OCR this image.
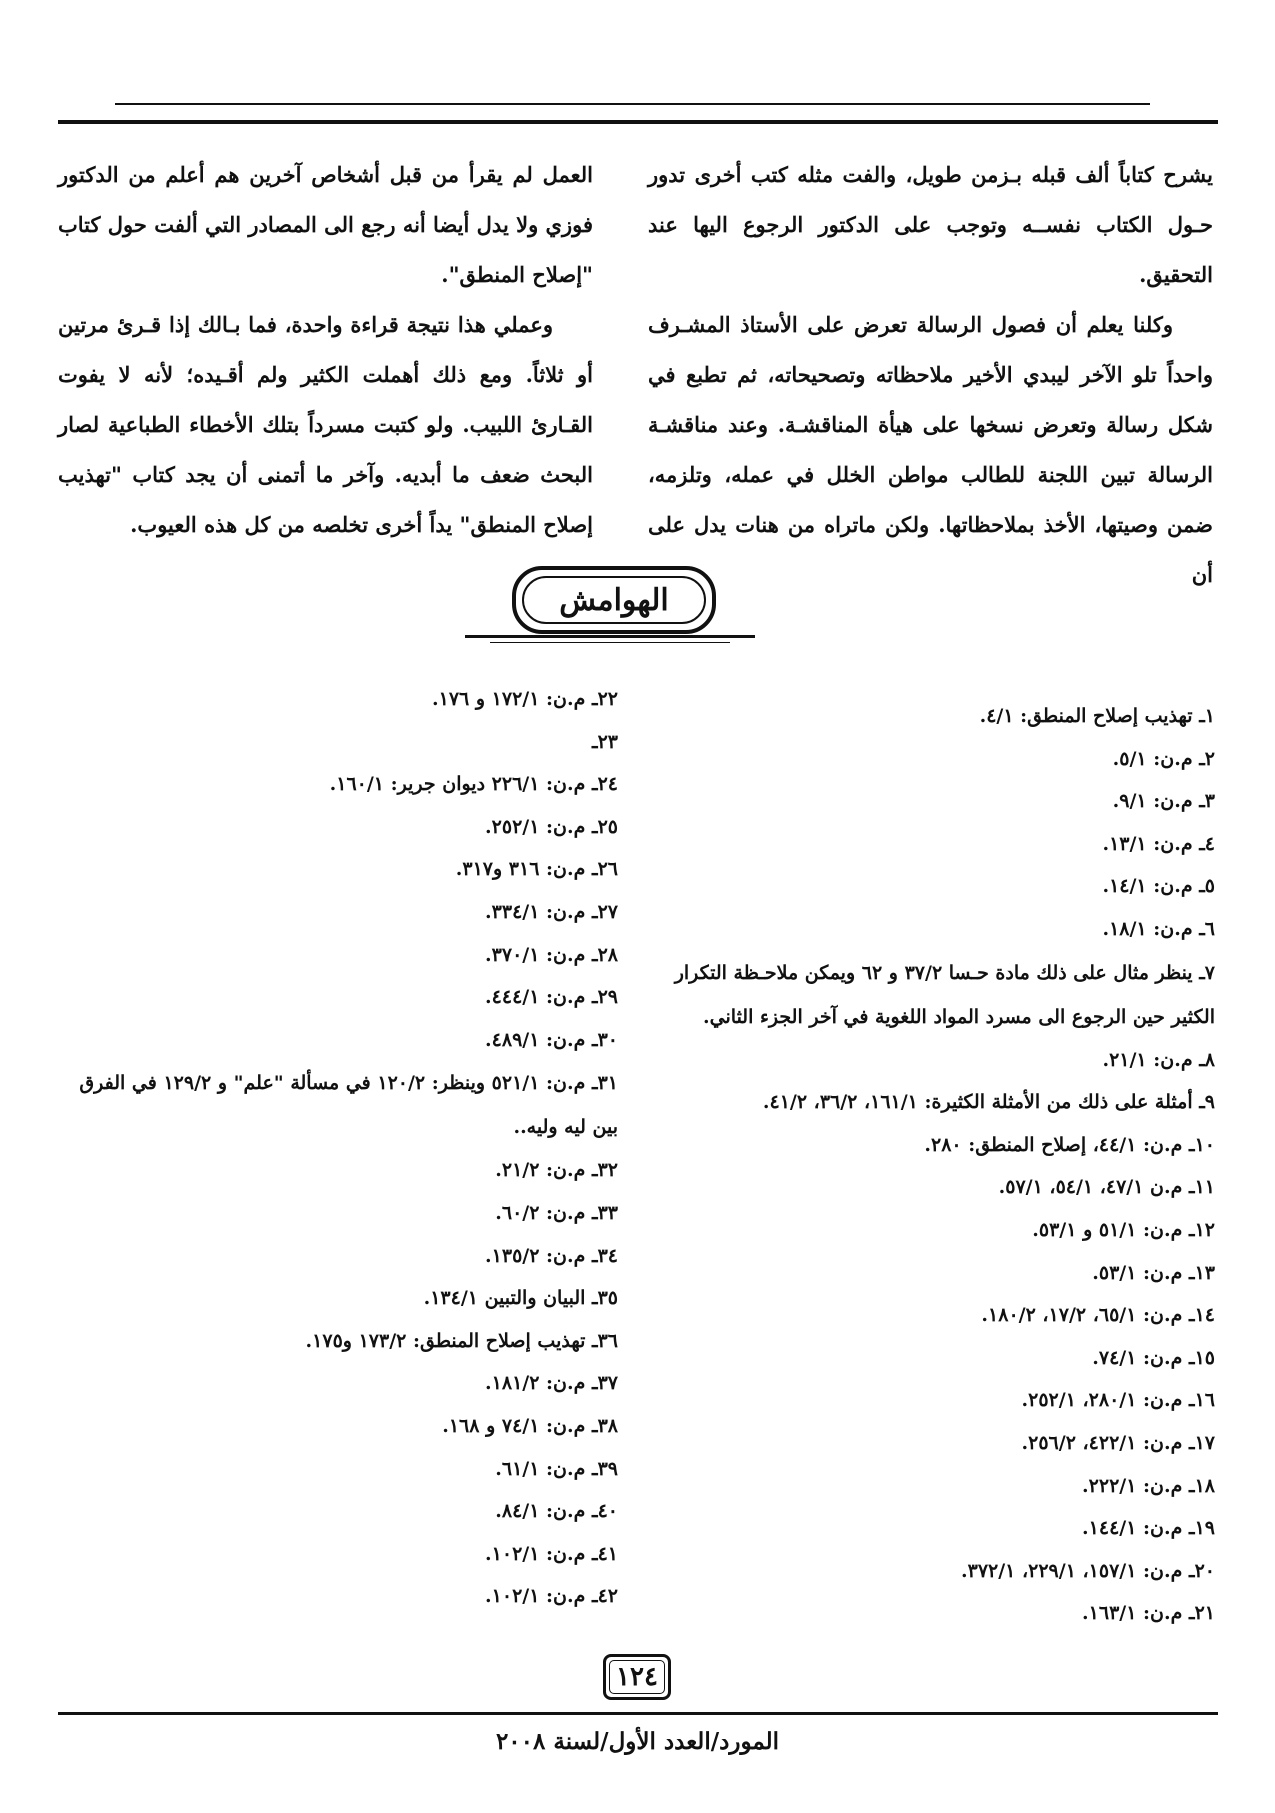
يشرح كتاباً ألف قبله بـزمن طويل، والفت مثله كتب أخرى تدور حـول الكتاب نفســه وتوجب على الدكتور الرجوع اليها عند التحقيق.

وكلنا يعلم أن فصول الرسالة تعرض على الأستاذ المشـرف واحداً تلو الآخر ليبدي الأخير ملاحظاته وتصحيحاته، ثم تطبع في شكل رسالة وتعرض نسخها على هيأة المناقشـة. وعند مناقشـة الرسالة تبين اللجنة للطالب مواطن الخلل في عمله، وتلزمه، ضمن وصيتها، الأخذ بملاحظاتها. ولكن ماتراه من هنات يدل على أن

العمل لم يقرأ من قبل أشخاص آخرين هم أعلم من الدكتور فوزي ولا يدل أيضا أنه رجع الى المصادر التي ألفت حول كتاب "إصلاح المنطق".

وعملي هذا نتيجة قراءة واحدة، فما بـالك إذا قـرئ مرتين أو ثلاثاً. ومع ذلك أهملت الكثير ولم أقـيده؛ لأنه لا يفوت القـارئ اللبيب. ولو كتبت مسرداً بتلك الأخطاء الطباعية لصار البحث ضعف ما أبديه. وآخر ما أتمنى أن يجد كتاب "تهذيب إصلاح المنطق" يداً أخرى تخلصه من كل هذه العيوب.

الهوامش
١ـ تهذيب إصلاح المنطق: ٤/١.
٢ـ م.ن: ٥/١.
٣ـ م.ن: ٩/١.
٤ـ م.ن: ١٣/١.
٥ـ م.ن: ١٤/١.
٦ـ م.ن: ١٨/١.
٧ـ ينظر مثال على ذلك مادة حـسا ٣٧/٢ و ٦٢ ويمكن ملاحـظة التكرار الكثير حين الرجوع الى مسرد المواد اللغوية في آخر الجزء الثاني.
٨ـ م.ن: ٢١/١.
٩ـ أمثلة على ذلك من الأمثلة الكثيرة: ١٦١/١، ٣٦/٢، ٤١/٢.
١٠ـ م.ن: ٤٤/١، إصلاح المنطق: ٢٨٠.
١١ـ م.ن ٤٧/١، ٥٤/١، ٥٧/١.
١٢ـ م.ن: ٥١/١ و ٥٣/١.
١٣ـ م.ن: ٥٣/١.
١٤ـ م.ن: ٦٥/١، ١٧/٢، ١٨٠/٢.
١٥ـ م.ن: ٧٤/١.
١٦ـ م.ن: ٢٨٠/١، ٢٥٢/١.
١٧ـ م.ن: ٤٢٢/١، ٢٥٦/٢.
١٨ـ م.ن: ٢٢٢/١.
١٩ـ م.ن: ١٤٤/١.
٢٠ـ م.ن: ١٥٧/١، ٢٢٩/١، ٣٧٢/١.
٢١ـ م.ن: ١٦٣/١.
٢٢ـ م.ن: ١٧٢/١ و ١٧٦.
٢٣ـ
٢٤ـ م.ن: ٢٢٦/١ ديوان جرير: ١٦٠/١.
٢٥ـ م.ن: ٢٥٢/١.
٢٦ـ م.ن: ٣١٦ و٣١٧.
٢٧ـ م.ن: ٣٣٤/١.
٢٨ـ م.ن: ٣٧٠/١.
٢٩ـ م.ن: ٤٤٤/١.
٣٠ـ م.ن: ٤٨٩/١.
٣١ـ م.ن: ٥٢١/١ وينظر: ١٢٠/٢ في مسألة "علم" و ١٢٩/٢ في الفرق بين ليه وليه..
٣٢ـ م.ن: ٢١/٢.
٣٣ـ م.ن: ٦٠/٢.
٣٤ـ م.ن: ١٣٥/٢.
٣٥ـ البيان والتبين ١٣٤/١.
٣٦ـ تهذيب إصلاح المنطق: ١٧٣/٢ و١٧٥.
٣٧ـ م.ن: ١٨١/٢.
٣٨ـ م.ن: ٧٤/١ و ١٦٨.
٣٩ـ م.ن: ٦١/١.
٤٠ـ م.ن: ٨٤/١.
٤١ـ م.ن: ١٠٢/١.
٤٢ـ م.ن: ١٠٢/١.
١٢٤
المورد/العدد الأول/لسنة ٢٠٠٨
